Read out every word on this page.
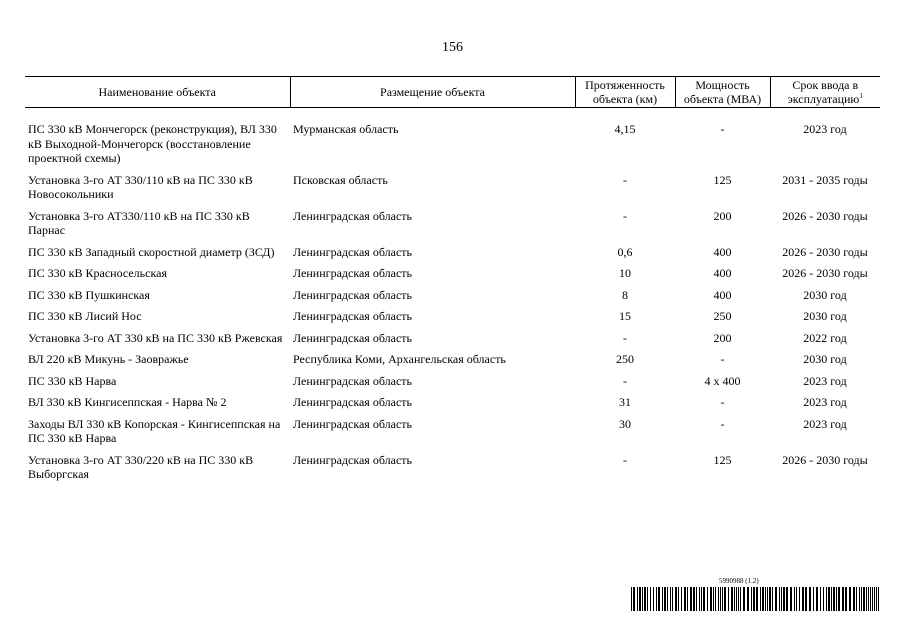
156
Наименование объекта	Размещение объекта	Протяженность объекта (км)	Мощность объекта (МВА)	Срок ввода в эксплуатацию$^1$

ПС 330 кВ Мончегорск (реконструкция), ВЛ 330 кВ Выходной-Мончегорск (восстановление проектной схемы)	Мурманская область	4,15	-	2023 год
Установка 3-го АТ 330/110 кВ на ПС 330 кВ Новосокольники	Псковская область	-	125	2031 - 2035 годы
Установка 3-го АТ330/110 кВ на ПС 330 кВ Парнас	Ленинградская область	-	200	2026 - 2030 годы
ПС 330 кВ Западный скоростной диаметр (ЗСД)	Ленинградская область	0,6	400	2026 - 2030 годы
ПС 330 кВ Красносельская	Ленинградская область	10	400	2026 - 2030 годы
ПС 330 кВ Пушкинская	Ленинградская область	8	400	2030 год
ПС 330 кВ Лисий Нос	Ленинградская область	15	250	2030 год
Установка 3-го АТ 330 кВ на ПС 330 кВ Ржевская	Ленинградская область	-	200	2022 год
ВЛ 220 кВ Микунь - Заовражье	Республика Коми, Архангельская область	250	-	2030 год
ПС 330 кВ Нарва	Ленинградская область	-	4 x 400	2023 год
ВЛ 330 кВ Кингисеппская - Нарва № 2	Ленинградская область	31	-	2023 год
Заходы ВЛ 330 кВ Копорская - Кингисеппская на ПС 330 кВ Нарва	Ленинградская область	30	-	2023 год
Установка 3-го АТ 330/220 кВ на ПС 330 кВ Выборгская	Ленинградская область	-	125	2026 - 2030 годы
5990988 (1.2)
